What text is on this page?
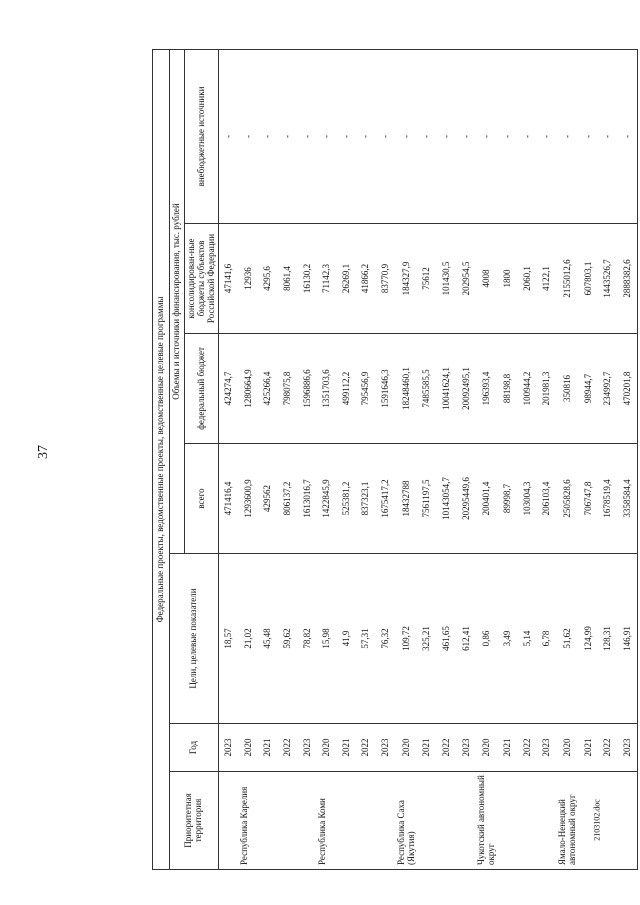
37
2103102.doc
Федеральные проекты, ведомственные проекты, ведомственные целевые программы						
Приоритетная территория	Год	Цели, целевые показатели	Объемы и источники финансирования, тыс. рублей			
			всего	федеральный бюджет	консолидирован-ные бюджеты субъектов Российской Федерации	внебюджетные источники
	2023	18,57	471416,4	424274,7	47141,6	-
Республика Карелия	2020	21,02	1293600,9	1280664,9	12936	-
	2021	45,48	429562	425266,4	4295,6	-
	2022	59,62	806137,2	798075,8	8061,4	-
	2023	78,82	1613016,7	1596886,6	16130,2	-
Республика Коми	2020	15,98	1422845,9	1351703,6	71142,3	-
	2021	41,9	525381,2	499112,2	26269,1	-
	2022	57,31	837323,1	795456,9	41866,2	-
	2023	76,32	1675417,2	1591646,3	83770,9	-
Республика Саха (Якутия)	2020	109,72	18432788	18248460,1	184327,9	-
	2021	325,21	7561197,5	7485585,5	75612	-
	2022	461,65	10143054,7	10041624,1	101430,5	-
	2023	612,41	20295449,6	20092495,1	202954,5	-
Чукотский автономный округ	2020	0,86	200401,4	196393,4	4008	-
	2021	3,49	89998,7	88198,8	1800	-
	2022	5,14	103004,3	100944,2	2060,1	-
	2023	6,78	206103,4	201981,3	4122,1	-
Ямало-Ненецкий автономный округ	2020	51,62	2505828,6	350816	2155012,6	-
	2021	124,99	706747,8	98944,7	607803,1	-
	2022	128,31	1678519,4	234992,7	1443526,7	-
	2023	146,91	3358584,4	470201,8	2888382,6	-
